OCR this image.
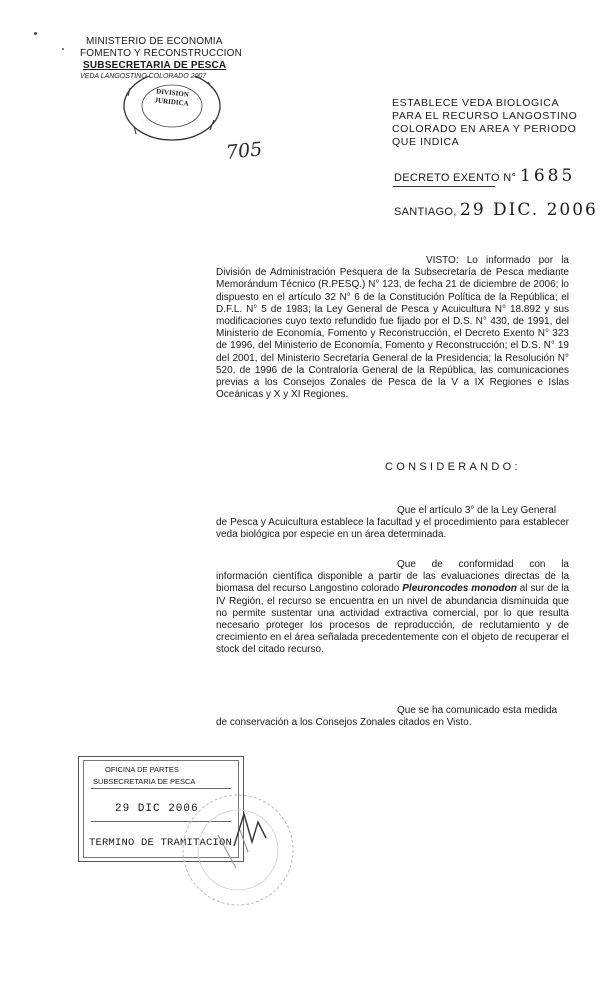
MINISTERIO DE ECONOMIA
FOMENTO Y RECONSTRUCCION
SUBSECRETARIA DE PESCA
VEDA LANGOSTINO COLORADO 2007
DIVISION JURIDICA	ESTABLECE VEDA BIOLOGICA
PARA EL RECURSO LANGOSTINO
COLORADO EN AREA Y PERIODO
QUE INDICA
705
DECRETO EXENTO N° 1685
SANTIAGO, 29 DIC. 2006
VISTO: Lo informado por la División de Administración Pesquera de la Subsecretaría de Pesca mediante Memorándum Técnico (R.PESQ.) N° 123, de fecha 21 de diciembre de 2006; lo dispuesto en el artículo 32 N° 6 de la Constitución Política de la República; el D.F.L. N° 5 de 1983; la Ley General de Pesca y Acuicultura N° 18.892 y sus modificaciones cuyo texto refundido fue fijado por el D.S. N° 430, de 1991, del Ministerio de Economía, Fomento y Reconstrucción, el Decreto Exento N° 323 de 1996, del Ministerio de Economía, Fomento y Reconstrucción; el D.S. N° 19 del 2001, del Ministerio Secretaría General de la Presidencia; la Resolución N° 520, de 1996 de la Contraloría General de la República, las comunicaciones previas a los Consejos Zonales de Pesca de la V a IX Regiones e Islas Oceánicas y X y XI Regiones.
CONSIDERANDO:
Que el artículo 3° de la Ley General
de Pesca y Acuicultura establece la facultad y el procedimiento para establecer veda biológica por especie en un área determinada.
Que de conformidad con la
información científica disponible a partir de las evaluaciones directas de la biomasa del recurso Langostino colorado Pleuroncodes monodon al sur de la IV Región, el recurso se encuentra en un nivel de abundancia disminuida que no permite sustentar una actividad extractiva comercial, por lo que resulta necesario proteger los procesos de reproducción, de reclutamiento y de crecimiento en el área señalada precedentemente con el objeto de recuperar el stock del citado recurso.
Que se ha comunicado esta medida
de conservación a los Consejos Zonales citados en Visto.
OFICINA DE PARTES
SUBSECRETARIA DE PESCA
29 DIC 2006
TERMINO DE TRAMITACION
